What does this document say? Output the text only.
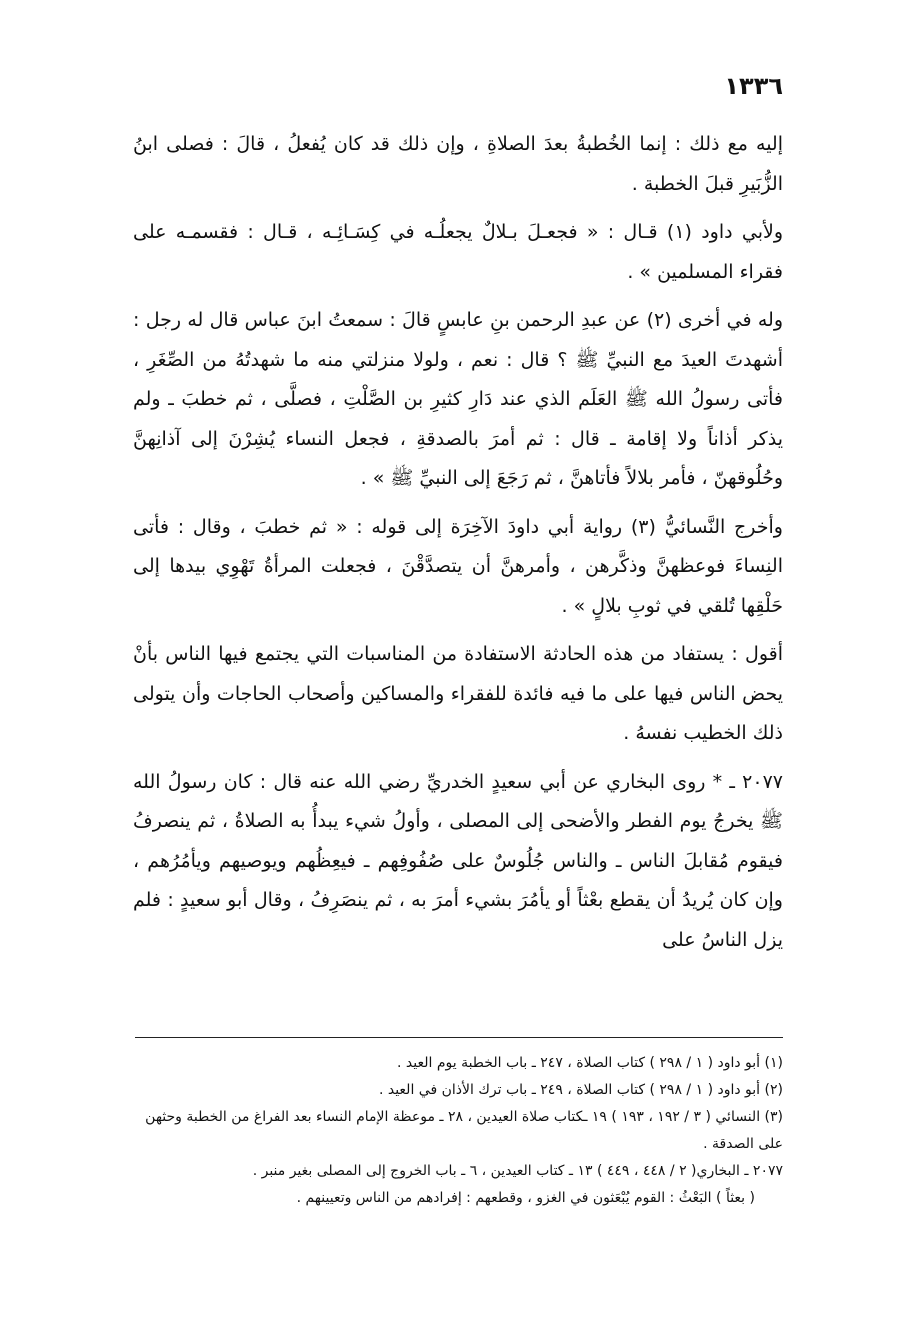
١٣٣٦

إليه مع ذلك : إنما الخُطبةُ بعدَ الصلاةِ ، وإن ذلك قد كان يُفعلُ ، قالَ : فصلى ابنُ الزُّبَيرِ قبلَ الخطبة .

ولأبي داود (١) قـال : « فجعـلَ بـلالٌ يجعلُـه في كِسَـائِـه ، قـال : فقسمـه على فقراء المسلمين » .

وله في أخرى (٢) عن عبدِ الرحمن بنِ عابسٍ قالَ : سمعتُ ابنَ عباس قال له رجل : أشهدتَ العيدَ مع النبيِّ ﷺ ؟ قال : نعم ، ولولا منزلتي منه ما شهدتُهُ من الصِّغَرِ ، فأتى رسولُ الله ﷺ العَلَم الذي عند دَارِ كثيرِ بن الصَّلْتِ ، فصلَّى ، ثم خطبَ ـ ولم يذكر أذاناً ولا إقامة ـ قال : ثم أمرَ بالصدقةِ ، فجعل النساء يُشِرْنَ إلى آذانِهنَّ وحُلُوقهنّ ، فأمر بلالاً فأتاهنَّ ، ثم رَجَعَ إلى النبيِّ ﷺ » .

وأخرج النَّسائيُّ (٣) رواية أبي داودَ الآخِرَة إلى قوله : « ثم خطبَ ، وقال : فأتى النِساءَ فوعظهنَّ وذكَّرهن ، وأمرهنَّ أن يتصدَّقْنَ ، فجعلت المرأةُ تَهْوِي بيدها إلى حَلْقِها تُلقي في ثوبِ بلالٍ » .

أقول : يستفاد من هذه الحادثة الاستفادة من المناسبات التي يجتمع فيها الناس بأنْ يحض الناس فيها على ما فيه فائدة للفقراء والمساكين وأصحاب الحاجات وأن يتولى ذلك الخطيب نفسهُ .

٢٠٧٧ ـ * روى البخاري عن أبي سعيدٍ الخدريِّ رضي الله عنه قال : كان رسولُ الله ﷺ يخرجُ يوم الفطر والأضحى إلى المصلى ، وأولُ شيء يبدأُ به الصلاةُ ، ثم ينصرفُ فيقوم مُقابلَ الناس ـ والناس جُلُوسٌ على صُفُوفِهم ـ فيعِظُهم ويوصيهم ويأمُرُهم ، وإن كان يُريدُ أن يقطع بعْثاً أو يأمُرَ بشيء أمرَ به ، ثم ينصَرِفُ ، وقال أبو سعيدٍ : فلم يزل الناسُ على

(١) أبو داود ( ١ / ٢٩٨ ) كتاب الصلاة ، ٢٤٧ ـ باب الخطبة يوم العيد .

(٢) أبو داود ( ١ / ٢٩٨ ) كتاب الصلاة ، ٢٤٩ ـ باب ترك الأذان في العيد .

(٣) النسائي ( ٣ / ١٩٢ ، ١٩٣ ) ١٩ ـكتاب صلاة العيدين ، ٢٨ ـ موعظة الإمام النساء بعد الفراغ من الخطبة وحثهن على الصدقة .

٢٠٧٧ ـ البخاري( ٢ / ٤٤٨ ، ٤٤٩ ) ١٣ ـ كتاب العيدين ، ٦ ـ باب الخروج إلى المصلى بغير منبر .

( بعثاً ) البَعْثُ : القوم يُبْعَثون في الغزو ، وقطعهم : إفرادهم من الناس وتعيينهم .
